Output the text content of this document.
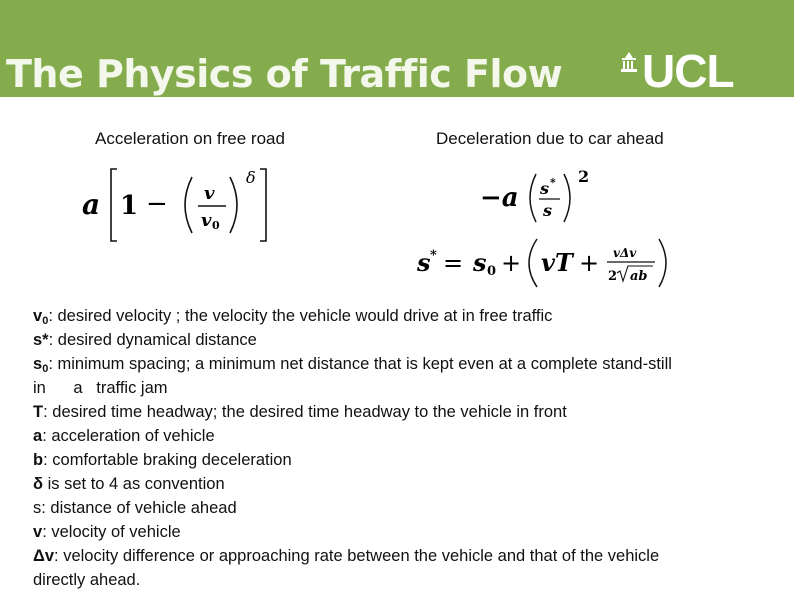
The Physics of Traffic Flow UCL
Acceleration on free road	Deceleration due to car ahead
a 1 − v
v 0
δ
−a s *
s
2
s * = s 0 + vT + vΔv
2 ab
$v_0$: desired velocity ; the velocity the vehicle would drive at in free traffic
s*: desired dynamical distance
$s_0$: minimum spacing; a minimum net distance that is kept even at a complete stand-still
in      a   traffic jam
T: desired time headway; the desired time headway to the vehicle in front
a: acceleration of vehicle
b: comfortable braking deceleration
δ is set to 4 as convention
s: distance of vehicle ahead
v: velocity of vehicle
Δv: velocity difference or approaching rate between the vehicle and that of the vehicle
directly ahead.
